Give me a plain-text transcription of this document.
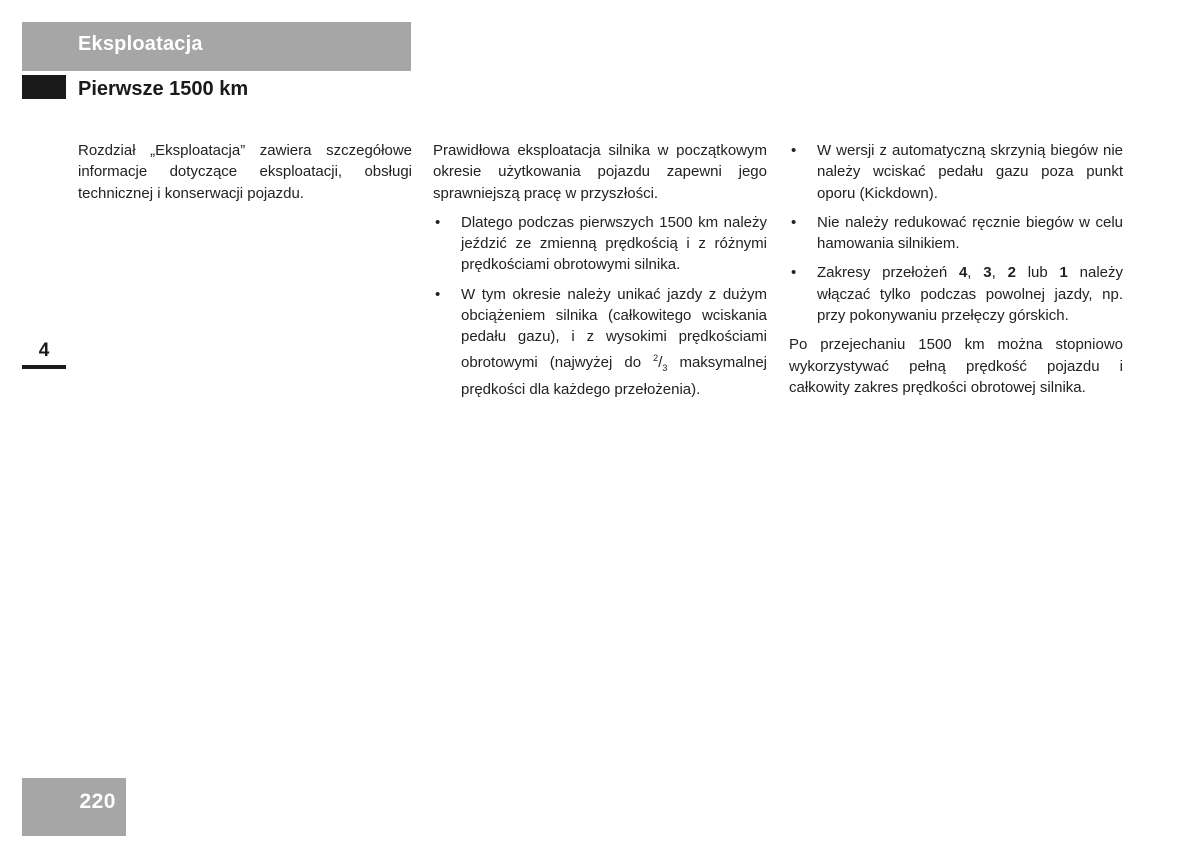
Eksploatacja
Pierwsze 1500 km
4

Rozdział „Eksploatacja” zawiera szczegółowe informacje dotyczące eksploatacji, obsługi technicznej i konserwacji pojazdu.

Prawidłowa eksploatacja silnika w początkowym okresie użytkowania pojazdu zapewni jego sprawniejszą pracę w przyszłości.

• Dlatego podczas pierwszych 1500 km należy jeździć ze zmienną prędkością i z różnymi prędkościami obrotowymi silnika.
• W tym okresie należy unikać jazdy z dużym obciążeniem silnika (całkowitego wciskania pedału gazu), i z wysokimi prędkościami obrotowymi (najwyżej do $^2/_3$ maksymalnej prędkości dla każdego przełożenia).
• W wersji z automatyczną skrzynią biegów nie należy wciskać pedału gazu poza punkt oporu (Kickdown).
• Nie należy redukować ręcznie biegów w celu hamowania silnikiem.
• Zakresy przełożeń 4, 3, 2 lub 1 należy włączać tylko podczas powolnej jazdy, np. przy pokonywaniu przełęczy górskich.

Po przejechaniu 1500 km można stopniowo wykorzystywać pełną prędkość pojazdu i całkowity zakres prędkości obrotowej silnika.

220
